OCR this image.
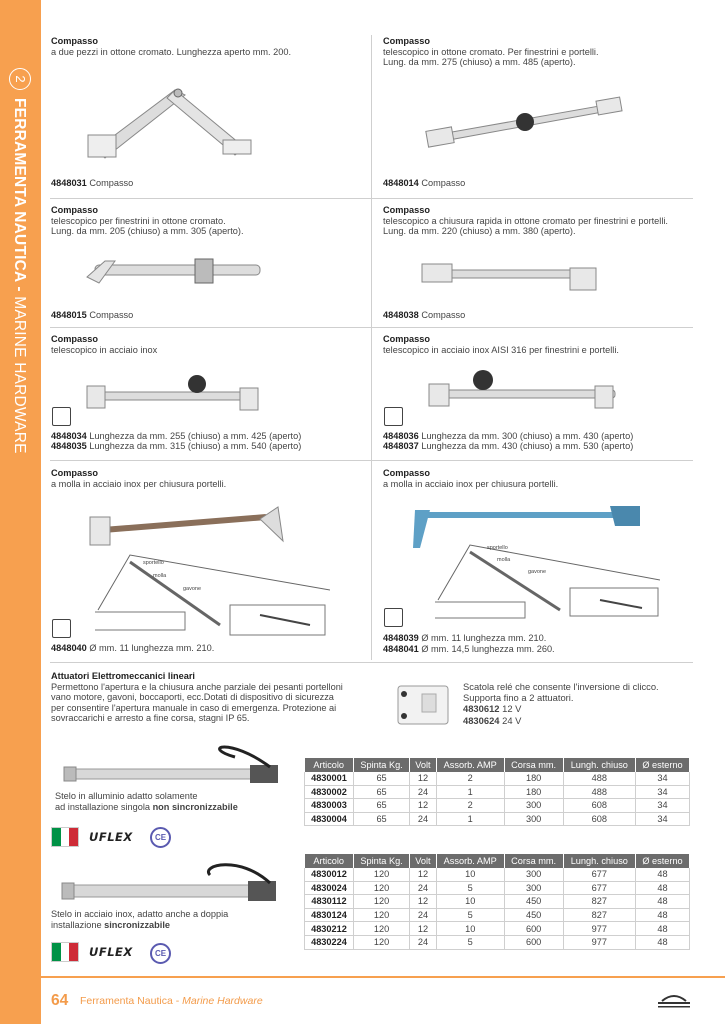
2
FERRAMENTA NAUTICA - MARINE HARDWARE
Compasso
a due pezzi in ottone cromato. Lunghezza aperto mm. 200.
4848031 Compasso
Compasso
telescopico in ottone cromato. Per finestrini e portelli.
Lung. da mm. 275 (chiuso) a mm. 485 (aperto).
4848014 Compasso
Compasso
telescopico per finestrini in ottone cromato.
Lung. da mm. 205 (chiuso) a mm. 305 (aperto).
4848015 Compasso
Compasso
telescopico a chiusura rapida in ottone cromato per finestrini e portelli.
Lung. da mm. 220 (chiuso) a mm. 380 (aperto).
4848038 Compasso
Compasso
telescopico in acciaio inox
4848034 Lunghezza da mm. 255 (chiuso) a mm. 425 (aperto)
4848035 Lunghezza da mm. 315 (chiuso) a mm. 540 (aperto)
Compasso
telescopico in acciaio inox AISI 316 per finestrini e portelli.
4848036 Lunghezza da mm. 300 (chiuso) a mm. 430 (aperto)
4848037 Lunghezza da mm. 430 (chiuso) a mm. 530 (aperto)
Compasso
a molla in acciaio inox per chiusura portelli.
sportello
molla
gavone
4848040 Ø mm. 11 lunghezza mm. 210.
Compasso
a molla in acciaio inox per chiusura portelli.
sportello
molla
gavone
4848039 Ø mm. 11 lunghezza mm. 210.
4848041 Ø mm. 14,5 lunghezza mm. 260.
Attuatori Elettromeccanici lineari
Permettono l'apertura e la chiusura anche parziale dei pesanti portelloni
vano motore, gavoni, boccaporti, ecc.Dotati di dispositivo di sicurezza
per consentire l'apertura manuale in caso di emergenza. Protezione ai
sovraccarichi e arresto a fine corsa, stagni IP 65.
Scatola relé che consente l'inversione di clicco.
Supporta fino a 2 attuatori.
4830612 12 V
4830624 24 V
Stelo in alluminio adatto solamente
ad installazione singola non sincronizzabile
UFLEX	CE
Stelo in acciaio inox, adatto anche a doppia
installazione sincronizzabile
UFLEX	CE
Articolo	Spinta Kg.	Volt	Assorb. AMP	Corsa mm.	Lungh. chiuso	Ø esterno
4830001	65	12	2	180	488	34
4830002	65	24	1	180	488	34
4830003	65	12	2	300	608	34
4830004	65	24	1	300	608	34
Articolo	Spinta Kg.	Volt	Assorb. AMP	Corsa mm.	Lungh. chiuso	Ø esterno
4830012	120	12	10	300	677	48
4830024	120	24	5	300	677	48
4830112	120	12	10	450	827	48
4830124	120	24	5	450	827	48
4830212	120	12	10	600	977	48
4830224	120	24	5	600	977	48
64 Ferramenta Nautica - Marine Hardware
